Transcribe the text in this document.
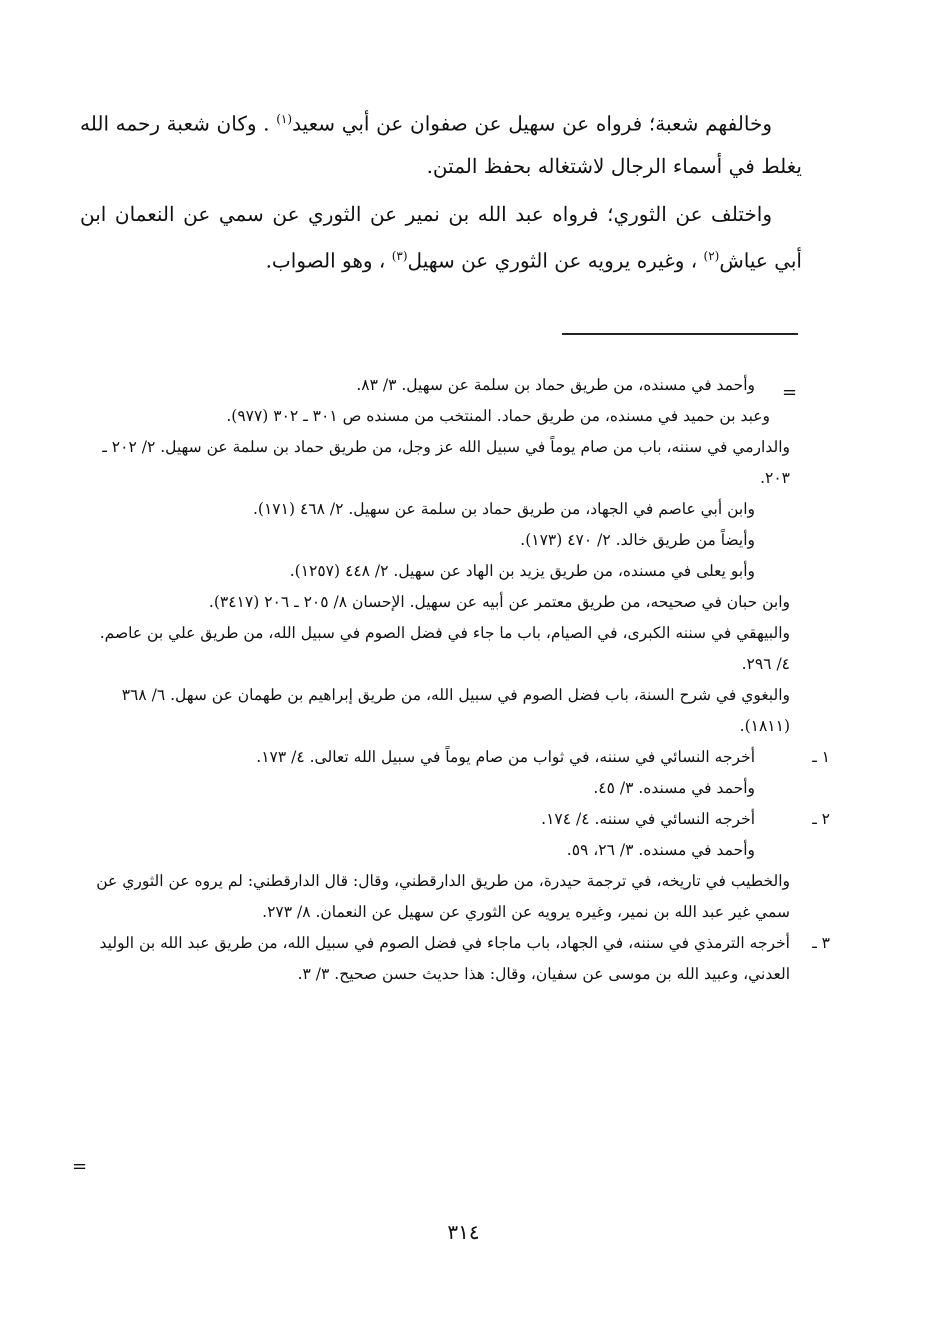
وخالفهم شعبة؛ فرواه عن سهيل عن صفوان عن أبي سعيد$^{(١)}$ . وكان شعبة رحمه الله يغلط في أسماء الرجال لاشتغاله بحفظ المتن.

واختلف عن الثوري؛ فرواه عبد الله بن نمير عن الثوري عن سمي عن النعمان ابن أبي عياش$^{(٢)}$ ، وغيره يرويه عن الثوري عن سهيل$^{(٣)}$ ، وهو الصواب.

=

وأحمد في مسنده، من طريق حماد بن سلمة عن سهيل. ٣/ ٨٣.

وعبد بن حميد في مسنده، من طريق حماد. المنتخب من مسنده ص ٣٠١ ـ ٣٠٢ (٩٧٧).

والدارمي في سننه، باب من صام يوماً في سبيل الله عز وجل، من طريق حماد بن سلمة عن سهيل. ٢/ ٢٠٢ ـ ٢٠٣.

وابن أبي عاصم في الجهاد، من طريق حماد بن سلمة عن سهيل. ٢/ ٤٦٨ (١٧١).

وأيضاً من طريق خالد. ٢/ ٤٧٠ (١٧٣).

وأبو يعلى في مسنده، من طريق يزيد بن الهاد عن سهيل. ٢/ ٤٤٨ (١٢٥٧).

وابن حبان في صحيحه، من طريق معتمر عن أبيه عن سهيل. الإحسان ٨/ ٢٠٥ ـ ٢٠٦ (٣٤١٧).

والبيهقي في سننه الكبرى، في الصيام، باب ما جاء في فضل الصوم في سبيل الله، من طريق علي بن عاصم. ٤/ ٢٩٦.

والبغوي في شرح السنة، باب فضل الصوم في سبيل الله، من طريق إبراهيم بن طهمان عن سهل. ٦/ ٣٦٨ (١٨١١).

١ ـ
أخرجه النسائي في سننه، في ثواب من صام يوماً في سبيل الله تعالى. ٤/ ١٧٣.

وأحمد في مسنده. ٣/ ٤٥.

٢ ـ
أخرجه النسائي في سننه. ٤/ ١٧٤.

وأحمد في مسنده. ٣/ ٢٦، ٥٩.

والخطيب في تاريخه، في ترجمة حيدرة، من طريق الدارقطني، وقال: قال الدارقطني: لم يروه عن الثوري عن سمي غير عبد الله بن نمير، وغيره يرويه عن الثوري عن سهيل عن النعمان. ٨/ ٢٧٣.

٣ ـ
أخرجه الترمذي في سننه، في الجهاد، باب ماجاء في فضل الصوم في سبيل الله، من طريق عبد الله بن الوليد العدني، وعبيد الله بن موسى عن سفيان، وقال: هذا حديث حسن صحيح. ٣/ ٣.

=
٣١٤
